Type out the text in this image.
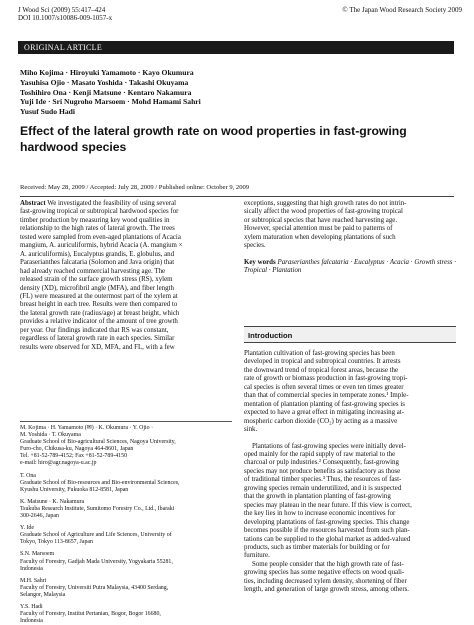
J Wood Sci (2009) 55:417–424
DOI 10.1007/s10086-009-1057-x
© The Japan Wood Research Society 2009
ORIGINAL ARTICLE
Miho Kojima · Hiroyuki Yamamoto · Kayo Okumura
Yasuhisa Ojio · Masato Yoshida · Takashi Okuyama
Toshihiro Ona · Kenji Matsune · Kentaro Nakamura
Yuji Ide · Sri Nugroho Marsoem · Mohd Hamami Sahri
Yusuf Sudo Hadi
Effect of the lateral growth rate on wood properties in fast-growing hardwood species
Received: May 28, 2009 / Accepted: July 28, 2009 / Published online: October 9, 2009

Abstract We investigated the feasibility of using several

fast-growing tropical or subtropical hardwood species for

timber production by measuring key wood qualities in

relationship to the high rates of lateral growth. The trees

tested were sampled from even-aged plantations of Acacia

mangium, A. auriculiformis, hybrid Acacia (A. mangium ×

A. auriculiformis), Eucalyptus grandis, E. globulus, and

Paraserianthes falcataria (Solomon and Java origin) that

had already reached commercial harvesting age. The

released strain of the surface growth stress (RS), xylem

density (XD), microfibril angle (MFA), and fiber length

(FL) were measured at the outermost part of the xylem at

breast height in each tree. Results were then compared to

the lateral growth rate (radius/age) at breast height, which

provides a relative indicator of the amount of tree growth

per year. Our findings indicated that RS was constant,

regardless of lateral growth rate in each species. Similar

results were observed for XD, MFA, and FL, with a few

M. Kojima · H. Yamamoto (✉) · K. Okumura · Y. Ojio ·
M. Yoshida · T. Okuyama
Graduate School of Bio-agricultural Sciences, Nagoya University,
Furo-cho, Chikusa-ku, Nagoya 464-8601, Japan
Tel. +81-52-789-4152; Fax +81-52-789-4150
e-mail: hiro@agr.nagoya-u.ac.jp
T. Ona
Graduate School of Bio-resources and Bio-environmental Sciences,
Kyushu University, Fukuoka 812-8581, Japan
K. Matsune · K. Nakamura
Tsukuba Research Institute, Sumitomo Forestry Co., Ltd., Ibaraki
300-2646, Japan
Y. Ide
Graduate School of Agriculture and Life Sciences, University of
Tokyo, Tokyo 113-8657, Japan
S.N. Marsoem
Faculty of Forestry, Gadjah Mada University, Yogyakarta 55281,
Indonesia
M.H. Sahri
Faculty of Forestry, Universiti Putra Malaysia, 43400 Serdang,
Selangor, Malaysia
Y.S. Hadi
Faculty of Forestry, Institut Pertanian, Bogor, Bogor 16680,
Indonesia

exceptions, suggesting that high growth rates do not intrin-

sically affect the wood properties of fast-growing tropical

or subtropical species that have reached harvesting age.

However, special attention must be paid to patterns of

xylem maturation when developing plantations of such

species.

Key words Paraserianthes falcataria · Eucalyptus · Acacia · Growth stress · Tropical · Plantation

Introduction

Plantation cultivation of fast-growing species has been

developed in tropical and subtropical countries. It arrests

the downward trend of tropical forest areas, because the

rate of growth or biomass production in fast-growing tropi-

cal species is often several times or even ten times greater

than that of commercial species in temperate zones.¹ Imple-

mentation of plantation planting of fast-growing species is

expected to have a great effect in mitigating increasing at-

mospheric carbon dioxide (CO₂) by acting as a massive

sink.

Plantations of fast-growing species were initially devel-

oped mainly for the rapid supply of raw material to the

charcoal or pulp industries.² Consequently, fast-growing

species may not produce benefits as satisfactory as those

of traditional timber species.³ Thus, the resources of fast-

growing species remain underutilized, and it is suspected

that the growth in plantation planting of fast-growing

species may plateau in the near future. If this view is correct,

the key lies in how to increase economic incentives for

developing plantations of fast-growing species. This change

becomes possible if the resources harvested from such plan-

tations can be supplied to the global market as added-valued

products, such as timber materials for building or for

furniture.

Some people consider that the high growth rate of fast-

growing species has some negative effects on wood quali-

ties, including decreased xylem density, shortening of fiber

length, and generation of large growth stress, among others.
